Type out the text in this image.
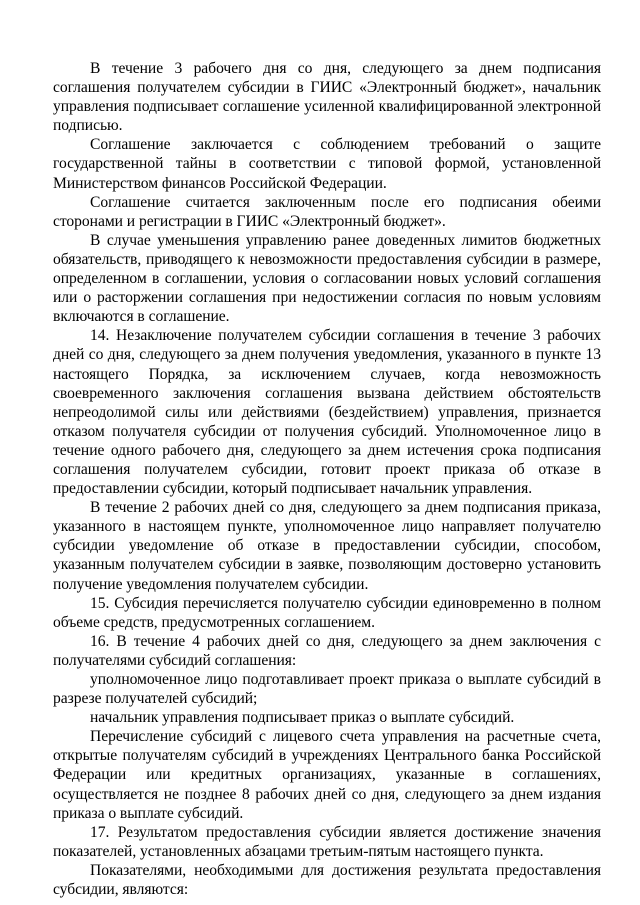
В течение 3 рабочего дня со дня, следующего за днем подписания соглашения получателем субсидии в ГИИС «Электронный бюджет», начальник управления подписывает соглашение усиленной квалифицированной электронной подписью.

Соглашение заключается с соблюдением требований о защите государственной тайны в соответствии с типовой формой, установленной Министерством финансов Российской Федерации.

Соглашение считается заключенным после его подписания обеими сторонами и регистрации в ГИИС «Электронный бюджет».

В случае уменьшения управлению ранее доведенных лимитов бюджетных обязательств, приводящего к невозможности предоставления субсидии в размере, определенном в соглашении, условия о согласовании новых условий соглашения или о расторжении соглашения при недостижении согласия по новым условиям включаются в соглашение.

14. Незаключение получателем субсидии соглашения в течение 3 рабочих дней со дня, следующего за днем получения уведомления, указанного в пункте 13 настоящего Порядка, за исключением случаев, когда невозможность своевременного заключения соглашения вызвана действием обстоятельств непреодолимой силы или действиями (бездействием) управления, признается отказом получателя субсидии от получения субсидий. Уполномоченное лицо в течение одного рабочего дня, следующего за днем истечения срока подписания соглашения получателем субсидии, готовит проект приказа об отказе в предоставлении субсидии, который подписывает начальник управления.

В течение 2 рабочих дней со дня, следующего за днем подписания приказа, указанного в настоящем пункте, уполномоченное лицо направляет получателю субсидии уведомление об отказе в предоставлении субсидии, способом, указанным получателем субсидии в заявке, позволяющим достоверно установить получение уведомления получателем субсидии.

15. Субсидия перечисляется получателю субсидии единовременно в полном объеме средств, предусмотренных соглашением.

16. В течение 4 рабочих дней со дня, следующего за днем заключения с получателями субсидий соглашения:

уполномоченное лицо подготавливает проект приказа о выплате субсидий в разрезе получателей субсидий;

начальник управления подписывает приказ о выплате субсидий.

Перечисление субсидий с лицевого счета управления на расчетные счета, открытые получателям субсидий в учреждениях Центрального банка Российской Федерации или кредитных организациях, указанные в соглашениях, осуществляется не позднее 8 рабочих дней со дня, следующего за днем издания приказа о выплате субсидий.

17. Результатом предоставления субсидии является достижение значения показателей, установленных абзацами третьим-пятым настоящего пункта.

Показателями, необходимыми для достижения результата предоставления субсидии, являются:
